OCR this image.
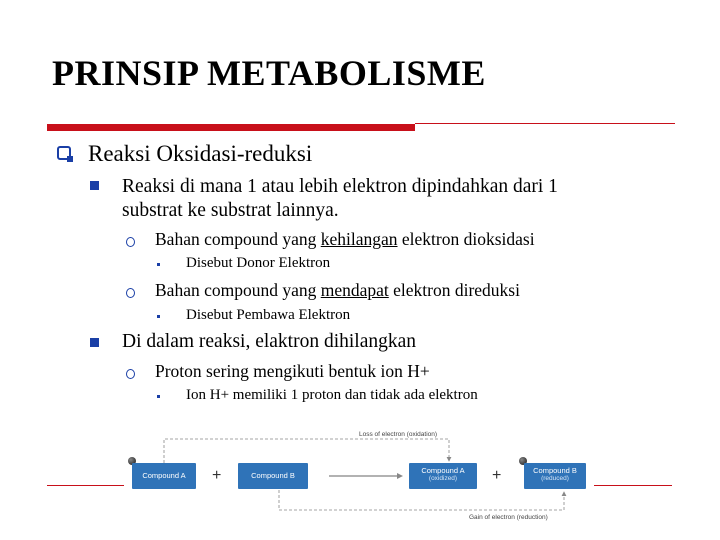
PRINSIP METABOLISME
Reaksi Oksidasi-reduksi
Reaksi di mana 1 atau lebih elektron dipindahkan dari 1
substrat ke substrat lainnya.
Bahan compound yang kehilangan elektron dioksidasi
Disebut Donor Elektron
Bahan compound yang mendapat elektron direduksi
Disebut Pembawa Elektron
Di dalam reaksi, elaktron dihilangkan
Proton sering mengikuti bentuk ion H+
Ion H+ memiliki 1 proton dan tidak ada elektron
Compound A	+	Compound B
Compound A
(oxidized)	+	Compound B
(reduced)
Loss of electron (oxidation)
Gain of electron (reduction)
